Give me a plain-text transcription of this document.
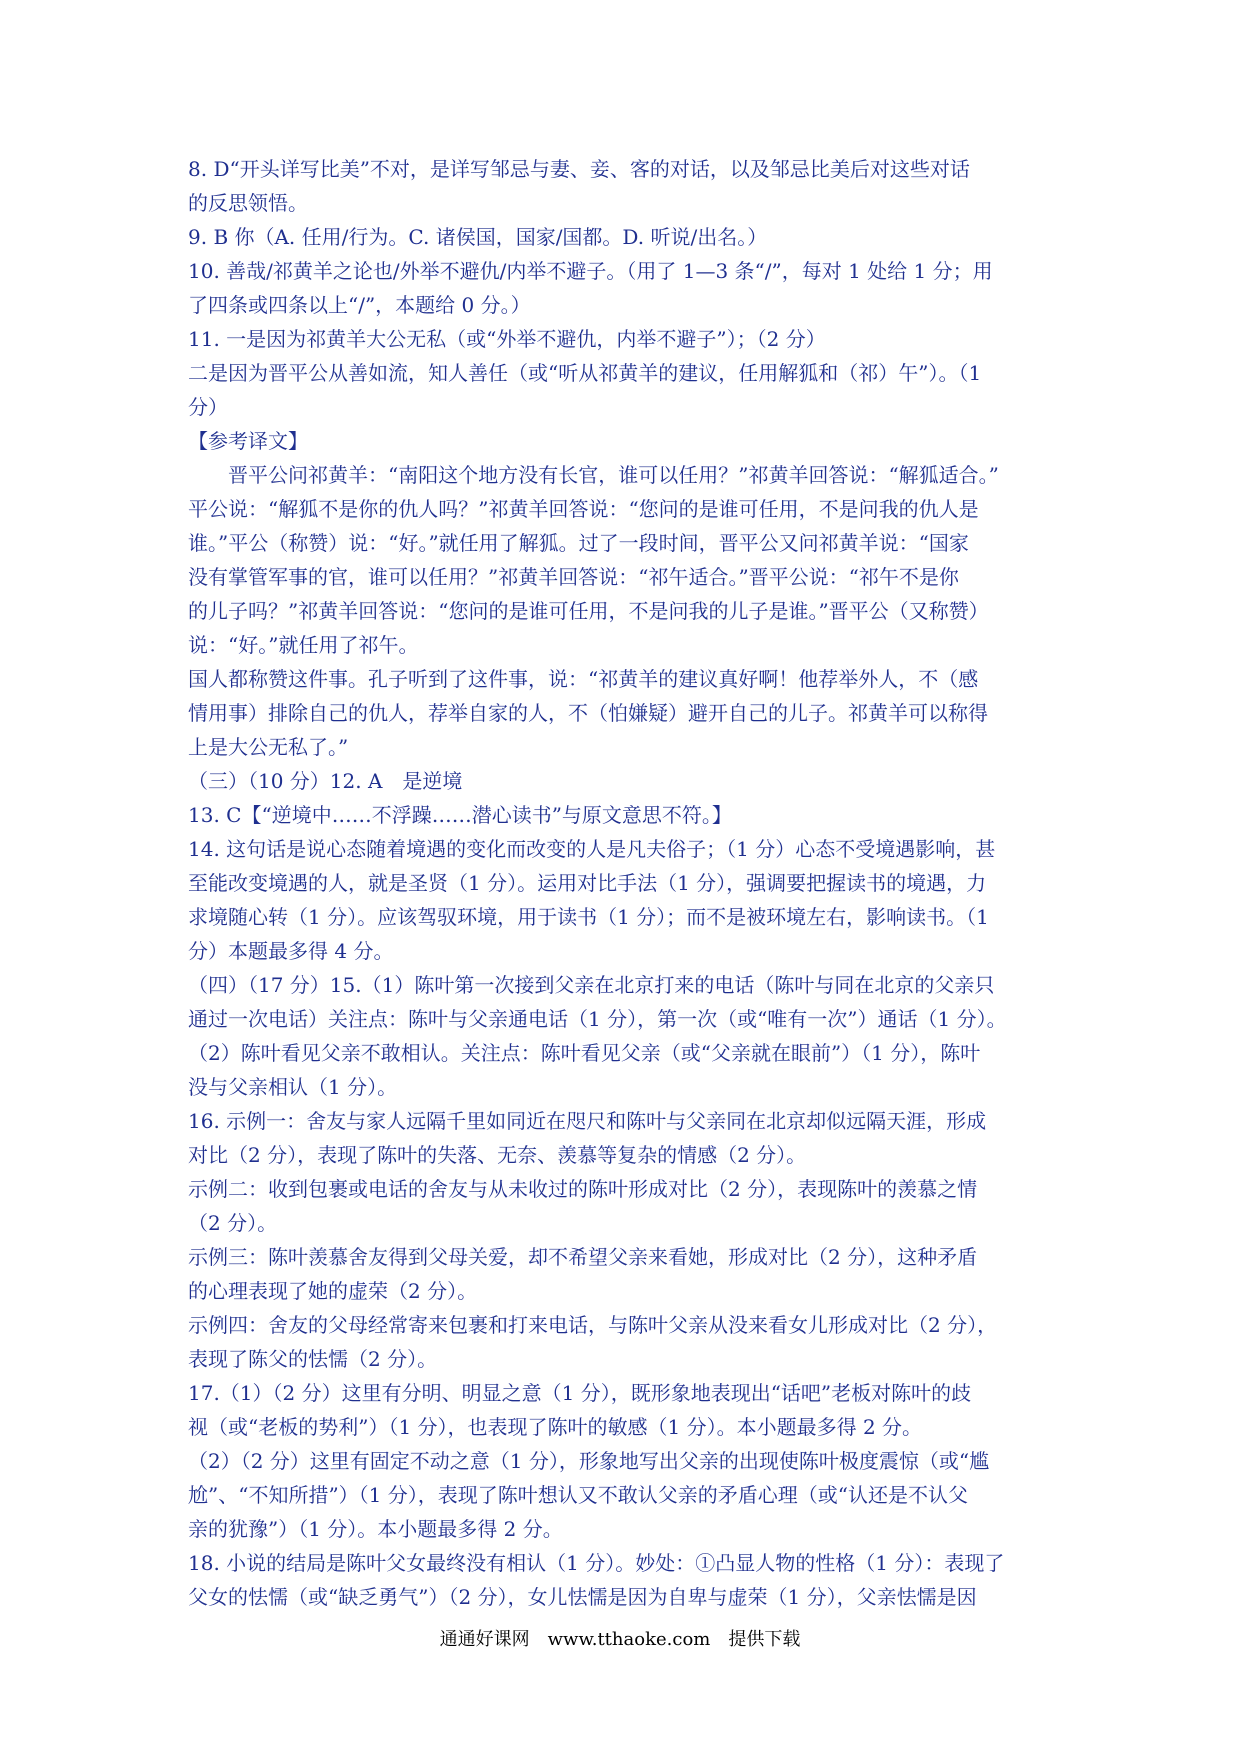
8. D“开头详写比美”不对，是详写邹忌与妻、妾、客的对话，以及邹忌比美后对这些对话
的反思领悟。
9. B 你（A. 任用/行为。C. 诸侯国，国家/国都。D. 听说/出名。）
10. 善哉/祁黄羊之论也/外举不避仇/内举不避子。（用了 1—3 条“/”，每对 1 处给 1 分；用
了四条或四条以上“/”，本题给 0 分。）
11. 一是因为祁黄羊大公无私（或“外举不避仇，内举不避子”）；（2 分）
二是因为晋平公从善如流，知人善任（或“听从祁黄羊的建议，任用解狐和（祁）午”）。（1
分）
【参考译文】
晋平公问祁黄羊：“南阳这个地方没有长官，谁可以任用？”祁黄羊回答说：“解狐适合。”
平公说：“解狐不是你的仇人吗？”祁黄羊回答说：“您问的是谁可任用，不是问我的仇人是
谁。”平公（称赞）说：“好。”就任用了解狐。过了一段时间，晋平公又问祁黄羊说：“国家
没有掌管军事的官，谁可以任用？”祁黄羊回答说：“祁午适合。”晋平公说：“祁午不是你
的儿子吗？”祁黄羊回答说：“您问的是谁可任用，不是问我的儿子是谁。”晋平公（又称赞）
说：“好。”就任用了祁午。
国人都称赞这件事。孔子听到了这件事，说：“祁黄羊的建议真好啊！他荐举外人，不（感
情用事）排除自己的仇人，荐举自家的人，不（怕嫌疑）避开自己的儿子。祁黄羊可以称得
上是大公无私了。”
（三）（10 分）12. A　是逆境
13. C【“逆境中……不浮躁……潜心读书”与原文意思不符。】
14. 这句话是说心态随着境遇的变化而改变的人是凡夫俗子；（1 分）心态不受境遇影响，甚
至能改变境遇的人，就是圣贤（1 分）。运用对比手法（1 分），强调要把握读书的境遇，力
求境随心转（1 分）。应该驾驭环境，用于读书（1 分）；而不是被环境左右，影响读书。（1
分）本题最多得 4 分。
（四）（17 分）15.（1）陈叶第一次接到父亲在北京打来的电话（陈叶与同在北京的父亲只
通过一次电话）关注点：陈叶与父亲通电话（1 分），第一次（或“唯有一次”）通话（1 分）。
（2）陈叶看见父亲不敢相认。关注点：陈叶看见父亲（或“父亲就在眼前”）（1 分），陈叶
没与父亲相认（1 分）。
16. 示例一：舍友与家人远隔千里如同近在咫尺和陈叶与父亲同在北京却似远隔天涯，形成
对比（2 分），表现了陈叶的失落、无奈、羡慕等复杂的情感（2 分）。
示例二：收到包裹或电话的舍友与从未收过的陈叶形成对比（2 分），表现陈叶的羡慕之情
（2 分）。
示例三：陈叶羡慕舍友得到父母关爱，却不希望父亲来看她，形成对比（2 分），这种矛盾
的心理表现了她的虚荣（2 分）。
示例四：舍友的父母经常寄来包裹和打来电话，与陈叶父亲从没来看女儿形成对比（2 分），
表现了陈父的怯懦（2 分）。
17.（1）（2 分）这里有分明、明显之意（1 分），既形象地表现出“话吧”老板对陈叶的歧
视（或“老板的势利”）（1 分），也表现了陈叶的敏感（1 分）。本小题最多得 2 分。
（2）（2 分）这里有固定不动之意（1 分），形象地写出父亲的出现使陈叶极度震惊（或“尴
尬”、“不知所措”）（1 分），表现了陈叶想认又不敢认父亲的矛盾心理（或“认还是不认父
亲的犹豫”）（1 分）。本小题最多得 2 分。
18. 小说的结局是陈叶父女最终没有相认（1 分）。妙处：①凸显人物的性格（1 分）：表现了
父女的怯懦（或“缺乏勇气”）（2 分），女儿怯懦是因为自卑与虚荣（1 分），父亲怯懦是因
通通好课网　www.tthaoke.com　提供下载
